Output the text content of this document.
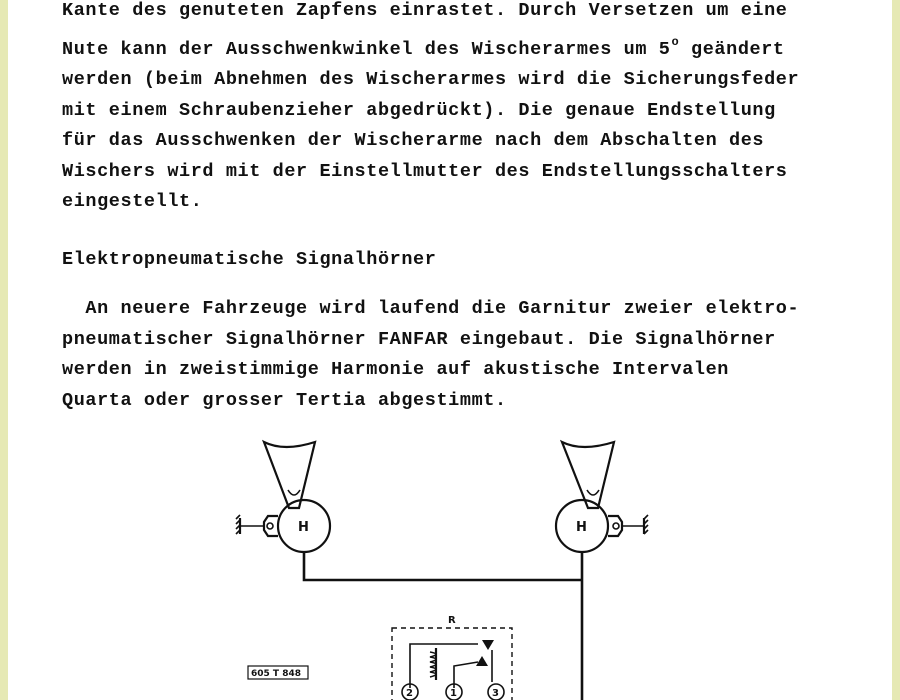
Kante des genuteten Zapfens einrastet. Durch Versetzen um eine
Nute kann der Ausschwenkwinkel des Wischerarmes um 5$^o$ geändert
werden (beim Abnehmen des Wischerarmes wird die Sicherungsfeder
mit einem Schraubenzieher abgedrückt). Die genaue Endstellung
für das Ausschwenken der Wischerarme nach dem Abschalten des
Wischers wird mit der Einstellmutter des Endstellungsschalters
eingestellt.

Elektropneumatische Signalhörner

An neuere Fahrzeuge wird laufend die Garnitur zweier elektro-
pneumatischer Signalhörner FANFAR eingebaut. Die Signalhörner
werden in zweistimmige Harmonie auf akustische Intervalen
Quarta oder grosser Tertia abgestimmt.

H	H
R
2	1	3
605 T 848
